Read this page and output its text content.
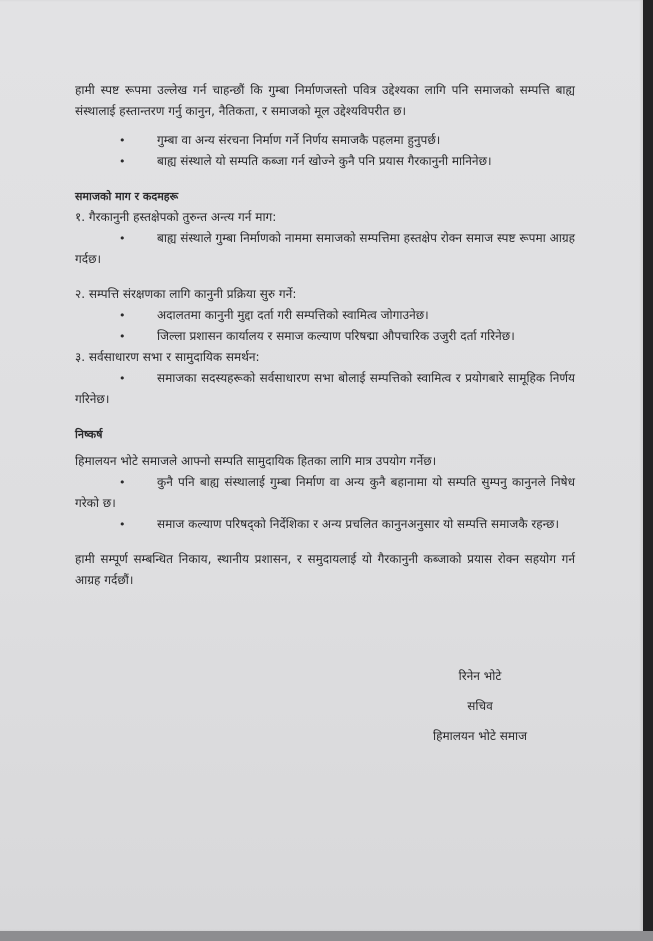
हामी स्पष्ट रूपमा उल्लेख गर्न चाहन्छौं कि गुम्बा निर्माणजस्तो पवित्र उद्देश्यका लागि पनि समाजको सम्पत्ति बाह्य संस्थालाई हस्तान्तरण गर्नु कानुन, नैतिकता, र समाजको मूल उद्देश्यविपरीत छ।

• गुम्बा वा अन्य संरचना निर्माण गर्ने निर्णय समाजकै पहलमा हुनुपर्छ।
• बाह्य संस्थाले यो सम्पति कब्जा गर्न खोज्ने कुनै पनि प्रयास गैरकानुनी मानिनेछ।

समाजको माग र कदमहरू

१. गैरकानुनी हस्तक्षेपको तुरुन्त अन्त्य गर्न माग:

• बाह्य संस्थाले गुम्बा निर्माणको नाममा समाजको सम्पत्तिमा हस्तक्षेप रोक्न समाज स्पष्ट रूपमा आग्रह गर्दछ।

२. सम्पत्ति संरक्षणका लागि कानुनी प्रक्रिया सुरु गर्ने:

• अदालतमा कानुनी मुद्दा दर्ता गरी सम्पत्तिको स्वामित्व जोगाउनेछ।
• जिल्ला प्रशासन कार्यालय र समाज कल्याण परिषद्मा औपचारिक उजुरी दर्ता गरिनेछ।

३. सर्वसाधारण सभा र सामुदायिक समर्थन:

• समाजका सदस्यहरूको सर्वसाधारण सभा बोलाई सम्पत्तिको स्वामित्व र प्रयोगबारे सामूहिक निर्णय गरिनेछ।

निष्कर्ष

हिमालयन भोटे समाजले आफ्नो सम्पति सामुदायिक हितका लागि मात्र उपयोग गर्नेछ।

• कुनै पनि बाह्य संस्थालाई गुम्बा निर्माण वा अन्य कुनै बहानामा यो सम्पति सुम्पनु कानुनले निषेध गरेको छ।
• समाज कल्याण परिषद्को निर्देशिका र अन्य प्रचलित कानुनअनुसार यो सम्पत्ति समाजकै रहन्छ।

हामी सम्पूर्ण सम्बन्धित निकाय, स्थानीय प्रशासन, र समुदायलाई यो गैरकानुनी कब्जाको प्रयास रोक्न सहयोग गर्न आग्रह गर्दछौं।

रिनेन भोटे
सचिव
हिमालयन भोटे समाज
